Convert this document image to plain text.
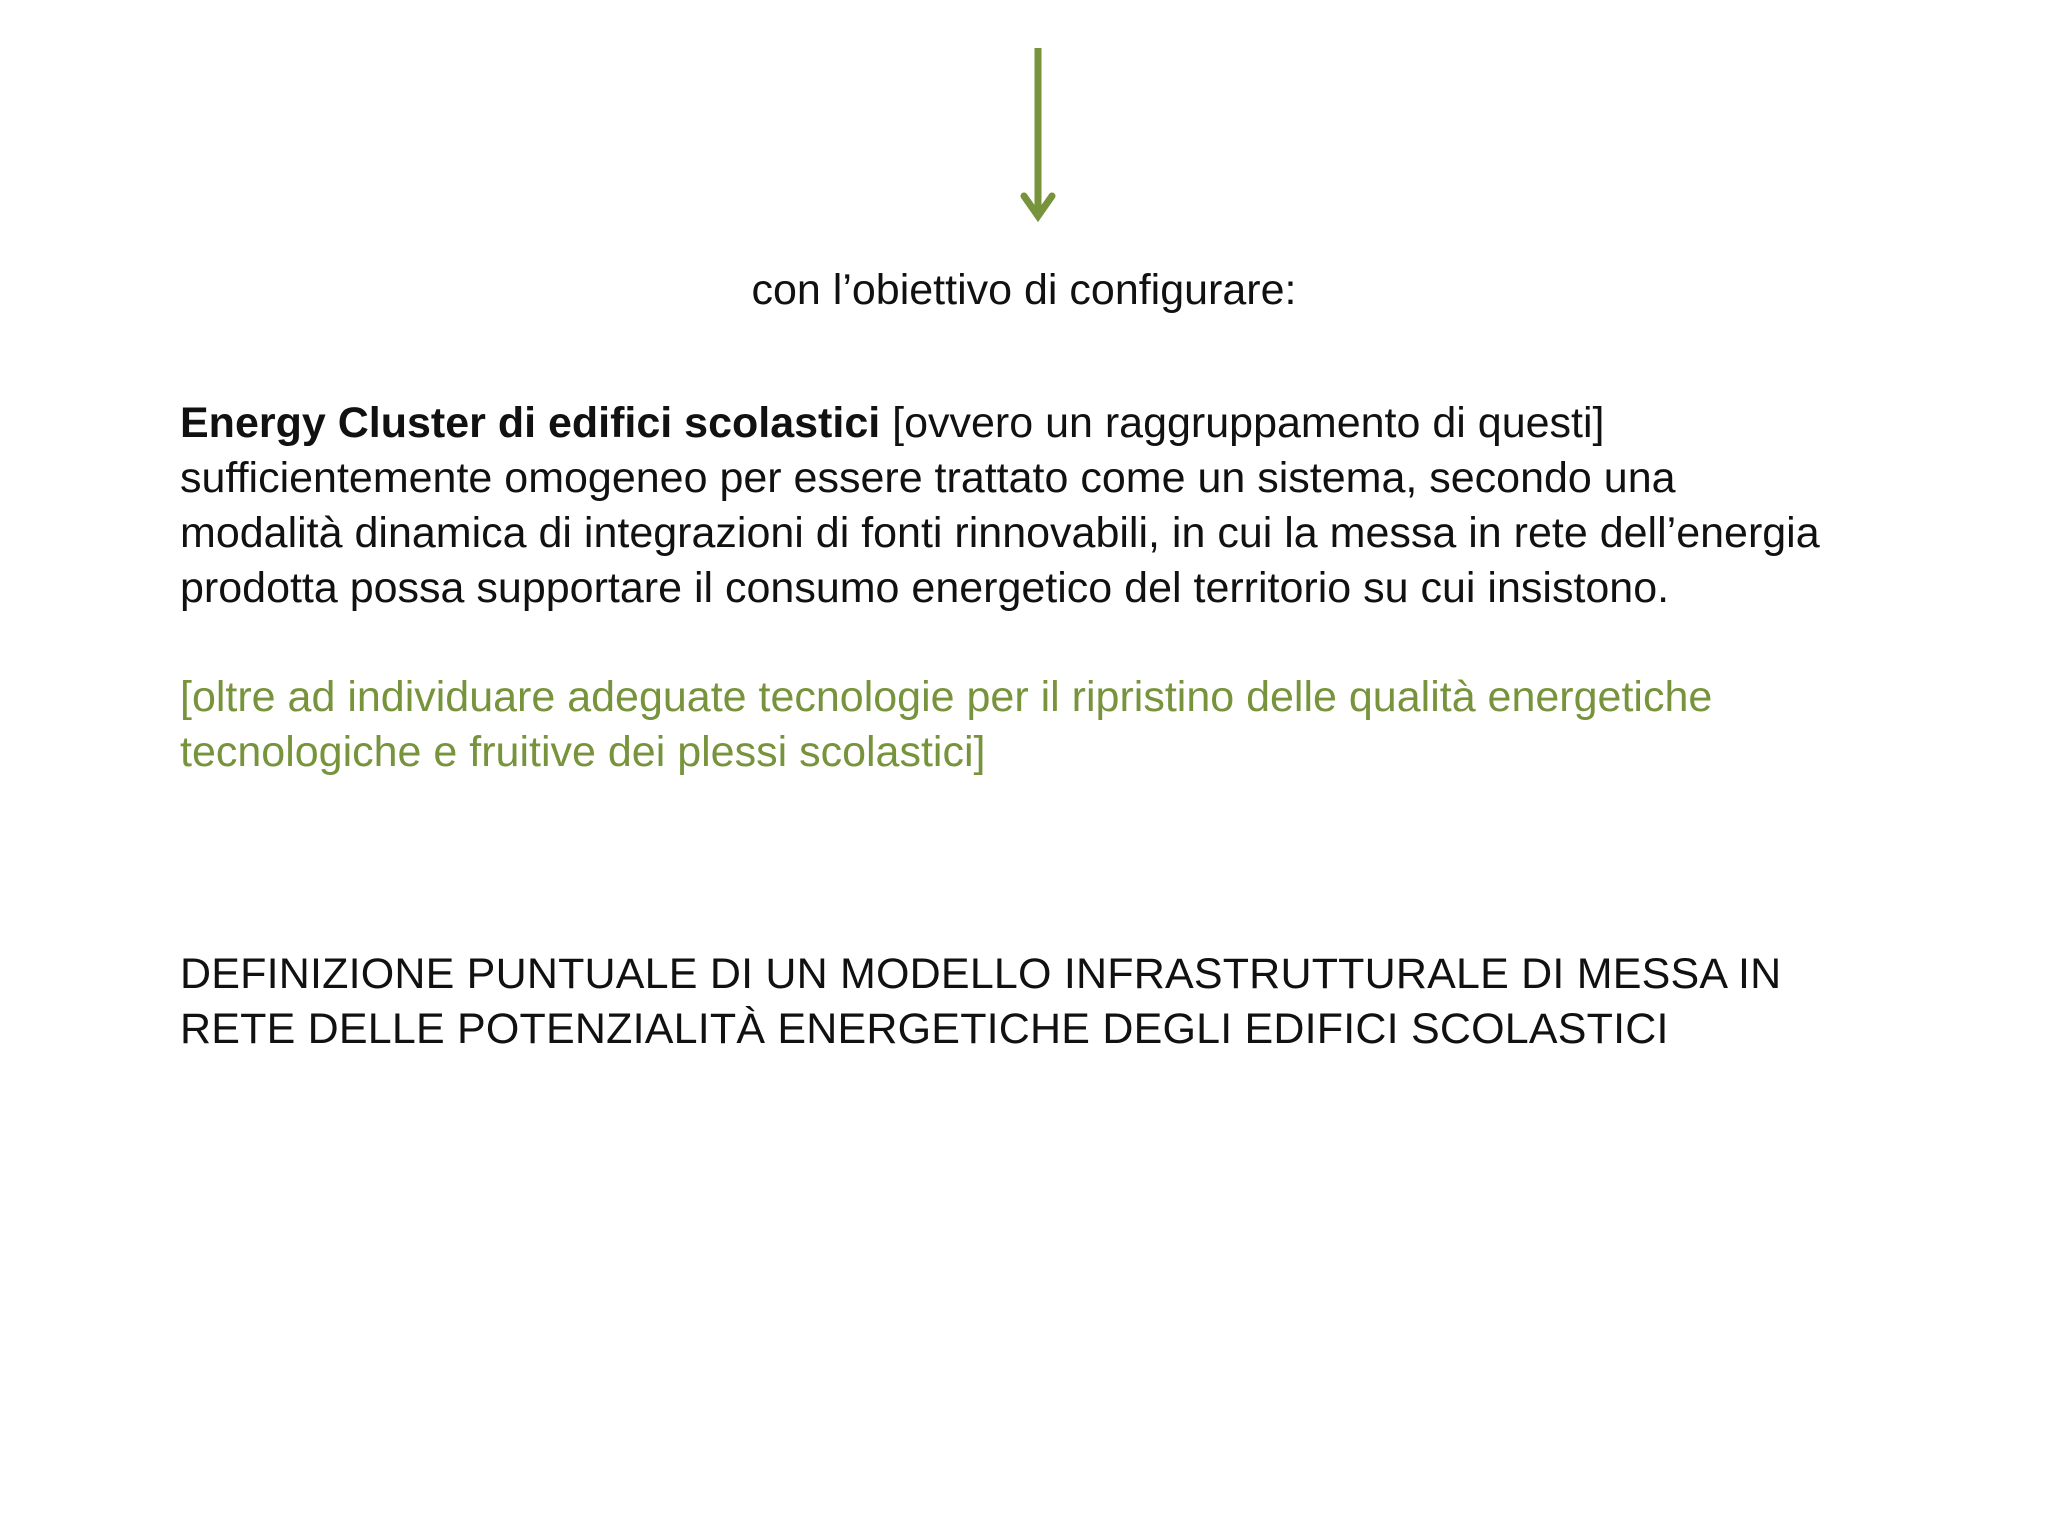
con l’obiettivo di configurare:

Energy Cluster di edifici scolastici [ovvero un raggruppamento di questi]
sufficientemente omogeneo per essere trattato come un sistema, secondo una
modalità dinamica di integrazioni di fonti rinnovabili, in cui la messa in rete dell’energia
prodotta possa supportare il consumo energetico del territorio su cui insistono.

[oltre ad individuare adeguate tecnologie per il ripristino delle qualità energetiche
tecnologiche e fruitive dei plessi scolastici]

DEFINIZIONE PUNTUALE DI UN MODELLO INFRASTRUTTURALE DI MESSA IN
RETE DELLE POTENZIALITÀ ENERGETICHE DEGLI EDIFICI SCOLASTICI
